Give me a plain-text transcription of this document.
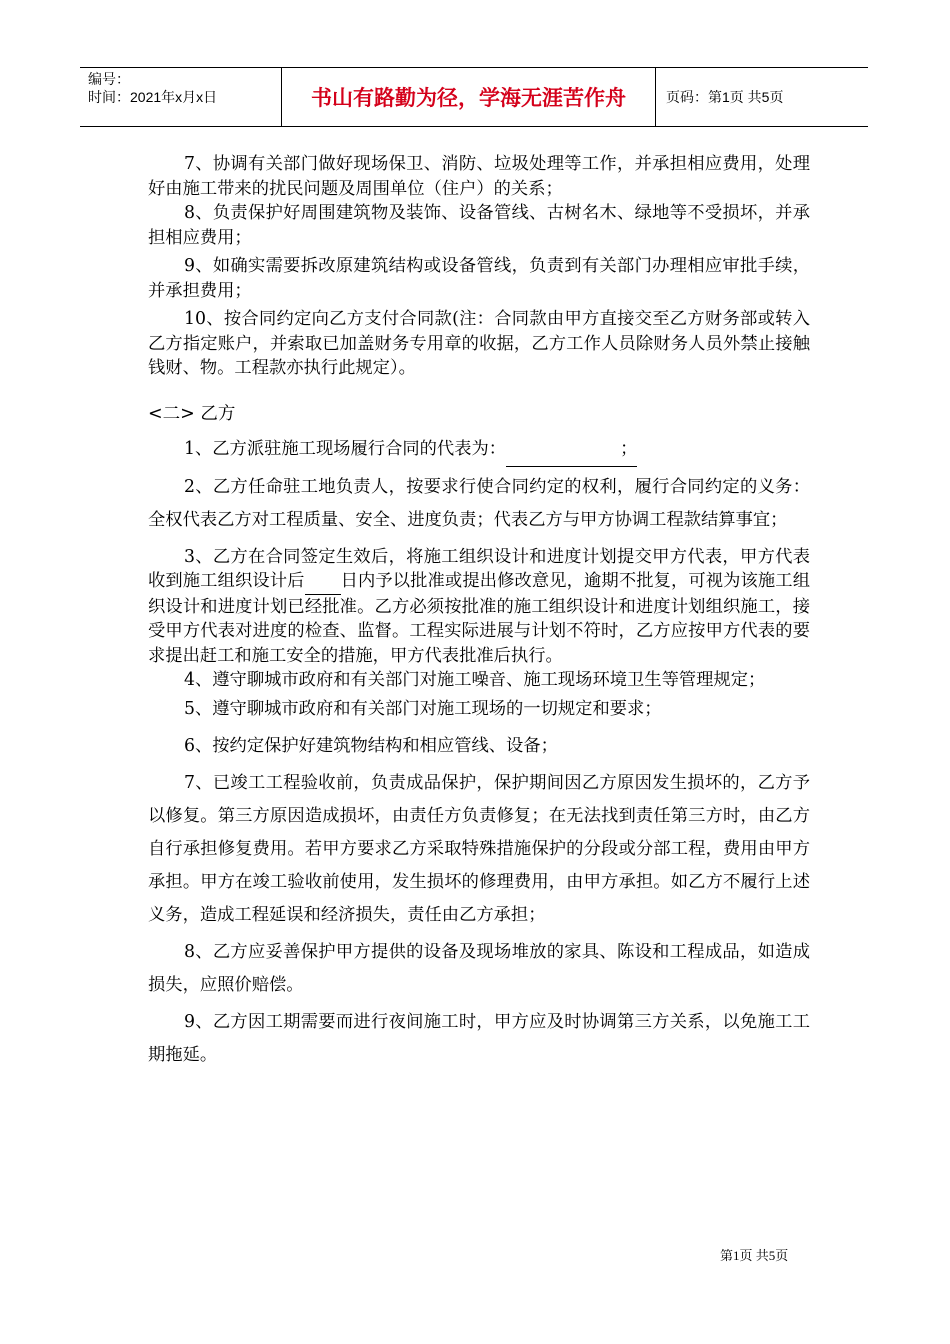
编号：
时间：2021年x月x日	书山有路勤为径，学海无涯苦作舟	页码：第1页 共5页

7、协调有关部门做好现场保卫、消防、垃圾处理等工作，并承担相应费用，处理好由施工带来的扰民问题及周围单位（住户）的关系；

8、负责保护好周围建筑物及装饰、设备管线、古树名木、绿地等不受损坏，并承担相应费用；

9、如确实需要拆改原建筑结构或设备管线，负责到有关部门办理相应审批手续，并承担费用；

10、按合同约定向乙方支付合同款(注：合同款由甲方直接交至乙方财务部或转入乙方指定账户，并索取已加盖财务专用章的收据，乙方工作人员除财务人员外禁止接触钱财、物。工程款亦执行此规定）。

<二> 乙方

1、乙方派驻施工现场履行合同的代表为：	；

2、乙方任命驻工地负责人，按要求行使合同约定的权利，履行合同约定的义务：全权代表乙方对工程质量、安全、进度负责；代表乙方与甲方协调工程款结算事宜；

3、乙方在合同签定生效后，将施工组织设计和进度计划提交甲方代表，甲方代表收到施工组织设计后 日内予以批准或提出修改意见，逾期不批复，可视为该施工组织设计和进度计划已经批准。乙方必须按批准的施工组织设计和进度计划组织施工，接受甲方代表对进度的检查、监督。工程实际进展与计划不符时，乙方应按甲方代表的要求提出赶工和施工安全的措施，甲方代表批准后执行。

4、遵守聊城市政府和有关部门对施工噪音、施工现场环境卫生等管理规定；

5、遵守聊城市政府和有关部门对施工现场的一切规定和要求；

6、按约定保护好建筑物结构和相应管线、设备；

7、已竣工工程验收前，负责成品保护，保护期间因乙方原因发生损坏的，乙方予以修复。第三方原因造成损坏，由责任方负责修复；在无法找到责任第三方时，由乙方自行承担修复费用。若甲方要求乙方采取特殊措施保护的分段或分部工程，费用由甲方承担。甲方在竣工验收前使用，发生损坏的修理费用，由甲方承担。如乙方不履行上述义务，造成工程延误和经济损失，责任由乙方承担；

8、乙方应妥善保护甲方提供的设备及现场堆放的家具、陈设和工程成品，如造成损失，应照价赔偿。

9、乙方因工期需要而进行夜间施工时，甲方应及时协调第三方关系，以免施工工期拖延。

第1页 共5页
